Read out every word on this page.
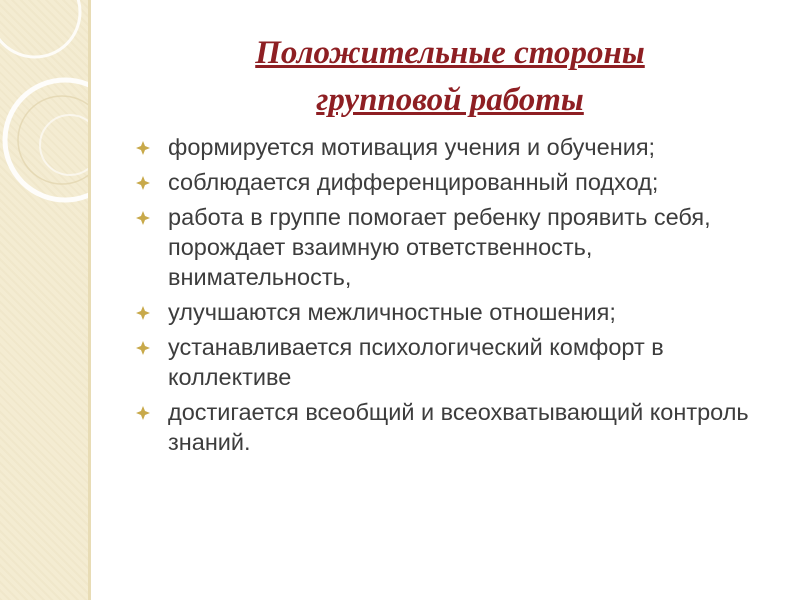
Положительные стороны
групповой работы
формируется мотивация учения и обучения;
соблюдается дифференцированный подход;
работа в группе помогает ребенку проявить себя, порождает взаимную ответственность, внимательность,
улучшаются межличностные отношения;
устанавливается психологический комфорт в коллективе
достигается всеобщий и всеохватывающий контроль знаний.
